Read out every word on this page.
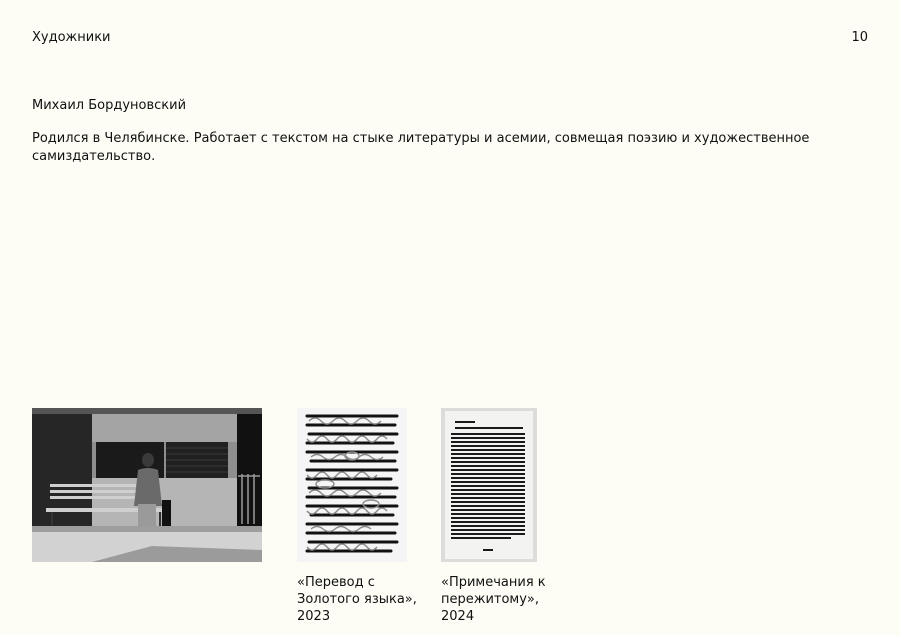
Художники	10
Михаил Бордуновский
Родился в Челябинске. Работает с текстом на стыке литературы и асемии, совмещая поэзию и художественное самиздательство.
«Перевод с Золотого языка», 2023
«Примечания к пережитому», 2024
